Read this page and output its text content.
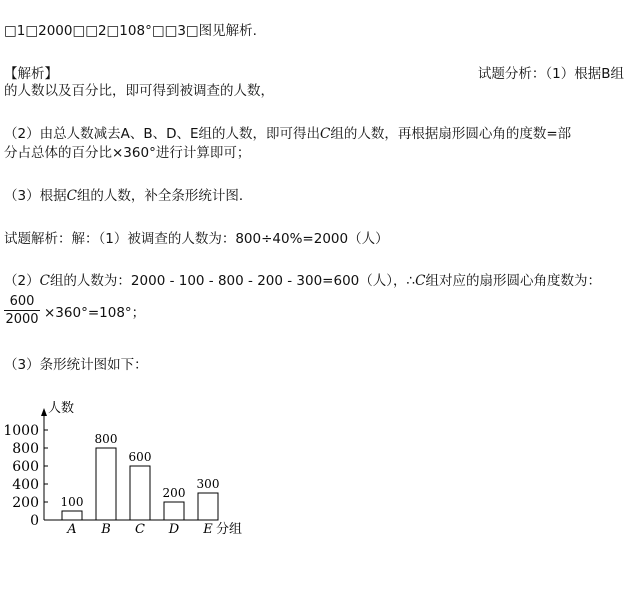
□1□2000□□2□108°□□3□图见解析.
【解析】	试题分析：（1）根据B组
的人数以及百分比，即可得到被调查的人数，
（2）由总人数减去A、B、D、E组的人数，即可得出C组的人数，再根据扇形圆心角的度数=部
分占总体的百分比×360°进行计算即可；
（3）根据C组的人数，补全条形统计图．
试题解析：解：（1）被调查的人数为：800÷40%=2000（人）
（2）C组的人数为：2000 - 100 - 800 - 200 - 300=600（人），∴C组对应的扇形圆心角度数为：
$\frac{600}{2000} \times 360^\circ=108^\circ$；
（3）条形统计图如下：
0
200
400
600
800
1000
人数
分组
100
A
800
B
600
C
200
D
300
E
